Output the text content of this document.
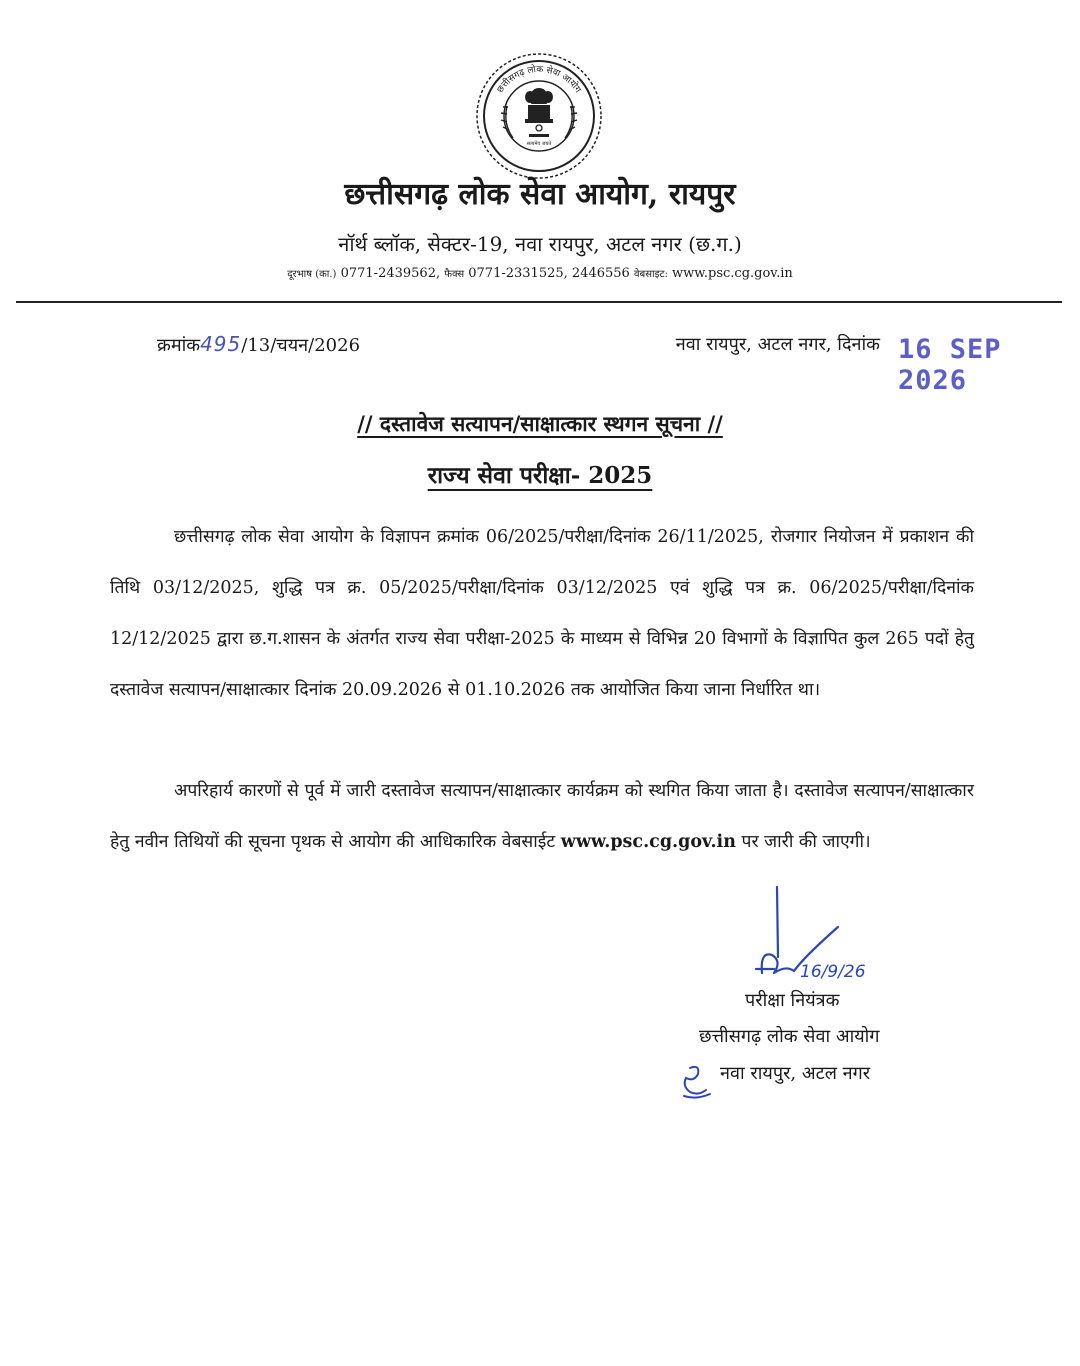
छत्तीसगढ़ लोक सेवा आयोग
सत्यमेव जयते
छत्तीसगढ़ लोक सेवा आयोग, रायपुर
नॉर्थ ब्लॉक, सेक्टर-19, नवा रायपुर, अटल नगर (छ.ग.)
दूरभाष (का.) 0771-2439562, फैक्स 0771-2331525, 2446556 वेबसाइट: www.psc.cg.gov.in
क्रमांक495/13/चयन/2026	नवा रायपुर, अटल नगर, दिनांक 16 SEP 2026
// दस्तावेज सत्यापन/साक्षात्कार स्थगन सूचना //
राज्य सेवा परीक्षा- 2025
छत्तीसगढ़ लोक सेवा आयोग के विज्ञापन क्रमांक 06/2025/परीक्षा/दिनांक 26/11/2025, रोजगार नियोजन में प्रकाशन की तिथि 03/12/2025, शुद्धि पत्र क्र. 05/2025/परीक्षा/दिनांक 03/12/2025 एवं शुद्धि पत्र क्र. 06/2025/परीक्षा/दिनांक 12/12/2025 द्वारा छ.ग.शासन के अंतर्गत राज्य सेवा परीक्षा-2025 के माध्यम से विभिन्न 20 विभागों के विज्ञापित कुल 265 पदों हेतु दस्तावेज सत्यापन/साक्षात्कार दिनांक 20.09.2026 से 01.10.2026 तक आयोजित किया जाना निर्धारित था।
अपरिहार्य कारणों से पूर्व में जारी दस्तावेज सत्यापन/साक्षात्कार कार्यक्रम को स्थगित किया जाता है। दस्तावेज सत्यापन/साक्षात्कार हेतु नवीन तिथियों की सूचना पृथक से आयोग की आधिकारिक वेबसाईट www.psc.cg.gov.in पर जारी की जाएगी।
16/9/26
परीक्षा नियंत्रक
छत्तीसगढ़ लोक सेवा आयोग
नवा रायपुर, अटल नगर
